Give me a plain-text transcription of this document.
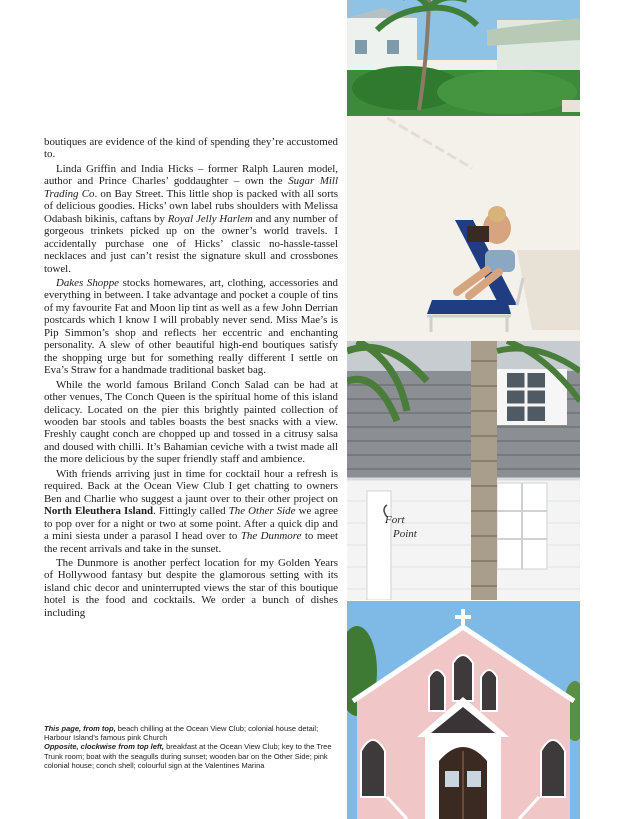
boutiques are evidence of the kind of spending they’re accustomed to.

Linda Griffin and India Hicks – former Ralph Lauren model, author and Prince Charles’ goddaughter – own the Sugar Mill Trading Co. on Bay Street. This little shop is packed with all sorts of delicious goodies. Hicks’ own label rubs shoulders with Melissa Odabash bikinis, caftans by Royal Jelly Harlem and any number of gorgeous trinkets picked up on the owner’s world travels. I accidentally purchase one of Hicks’ classic no-hassle-tassel necklaces and just can’t resist the signature skull and crossbones towel.

Dakes Shoppe stocks homewares, art, clothing, accessories and everything in between. I take advantage and pocket a couple of tins of my favourite Fat and Moon lip tint as well as a few John Derrian postcards which I know I will probably never send. Miss Mae’s is Pip Simmon’s shop and reflects her eccentric and enchanting personality. A slew of other beautiful high-end boutiques satisfy the shopping urge but for something really different I settle on Eva’s Straw for a handmade traditional basket bag.

While the world famous Briland Conch Salad can be had at other venues, The Conch Queen is the spiritual home of this island delicacy. Located on the pier this brightly painted collection of wooden bar stools and tables boasts the best snacks with a view. Freshly caught conch are chopped up and tossed in a citrusy salsa and doused with chilli. It’s Bahamian ceviche with a twist made all the more delicious by the super friendly staff and ambience.

With friends arriving just in time for cocktail hour a refresh is required. Back at the Ocean View Club I get chatting to owners Ben and Charlie who suggest a jaunt over to their other project on North Eleuthera Island. Fittingly called The Other Side we agree to pop over for a night or two at some point. After a quick dip and a mini siesta under a parasol I head over to The Dunmore to meet the recent arrivals and take in the sunset.

The Dunmore is another perfect location for my Golden Years of Hollywood fantasy but despite the glamorous setting with its island chic decor and uninterrupted views the star of this boutique hotel is the food and cocktails. We order a bunch of dishes including

This page, from top, beach chilling at the Ocean View Club; colonial house detail; Harbour Island’s famous pink Church
Opposite, clockwise from top left, breakfast at the Ocean View Club; key to the Tree Trunk room; boat with the seagulls during sunset; wooden bar on the Other Side; pink colonial house; conch shell; colourful sign at the Valentines Marina
Fort
Point
